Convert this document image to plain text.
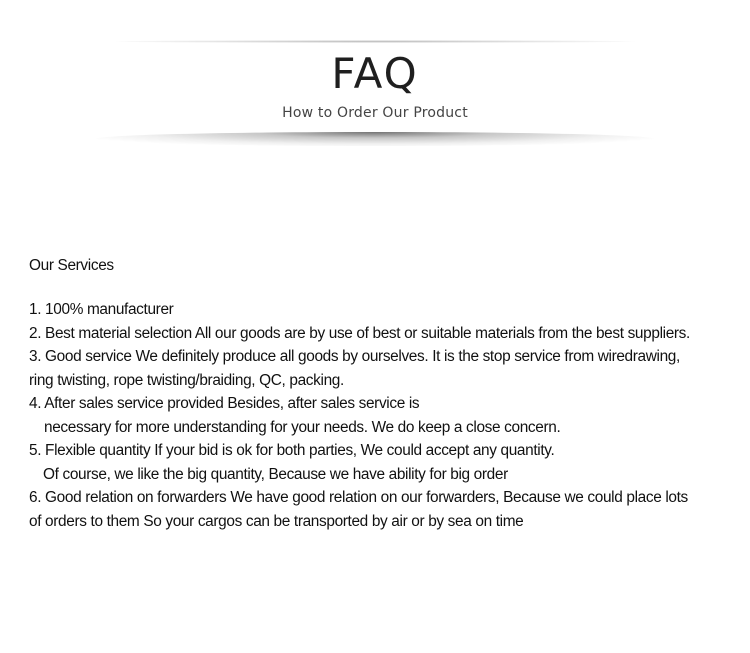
FAQ
How to Order Our Product
Our Services
1. 100% manufacturer
2. Best material selection All our goods are by use of best or suitable materials from the best suppliers.
3. Good service We definitely produce all goods by ourselves. It is the stop service from wiredrawing,
ring twisting, rope twisting/braiding, QC, packing.
4. After sales service provided Besides, after sales service is
necessary for more understanding for your needs. We do keep a close concern.
5. Flexible quantity If your bid is ok for both parties, We could accept any quantity.
Of course, we like the big quantity, Because we have ability for big order
6. Good relation on forwarders We have good relation on our forwarders, Because we could place lots
of orders to them So your cargos can be transported by air or by sea on time
